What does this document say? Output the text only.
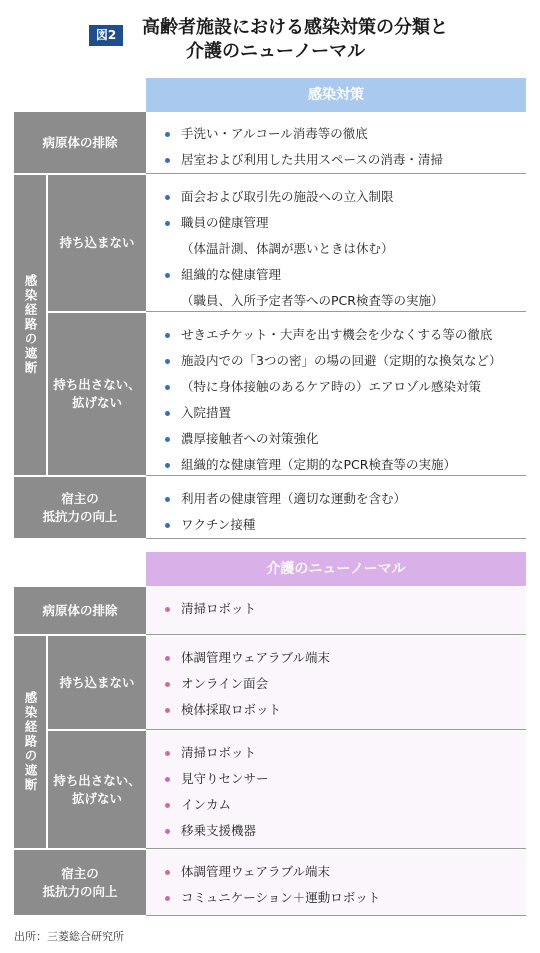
図2	高齢者施設における感染対策の分類と
介護のニューノーマル
感染対策
病原体の排除
手洗い・アルコール消毒等の徹底
居室および利用した共用スペースの消毒・清掃
感染経路の遮断
持ち込まない
面会および取引先の施設への立入制限
職員の健康管理
（体温計測、体調が悪いときは休む）
組織的な健康管理
（職員、入所予定者等へのPCR検査等の実施）
持ち出さない、
拡げない
せきエチケット・大声を出す機会を少なくする等の徹底
施設内での「3つの密」の場の回避（定期的な換気など）
（特に身体接触のあるケア時の）エアロゾル感染対策
入院措置
濃厚接触者への対策強化
組織的な健康管理（定期的なPCR検査等の実施）
宿主の
抵抗力の向上
利用者の健康管理（適切な運動を含む）
ワクチン接種
介護のニューノーマル
病原体の排除	清掃ロボット
感染経路の遮断
持ち込まない
体調管理ウェアラブル端末
オンライン面会
検体採取ロボット
持ち出さない、
拡げない
清掃ロボット
見守りセンサー
インカム
移乗支援機器
宿主の
抵抗力の向上
体調管理ウェアラブル端末
コミュニケーション＋運動ロボット
出所：三菱総合研究所
